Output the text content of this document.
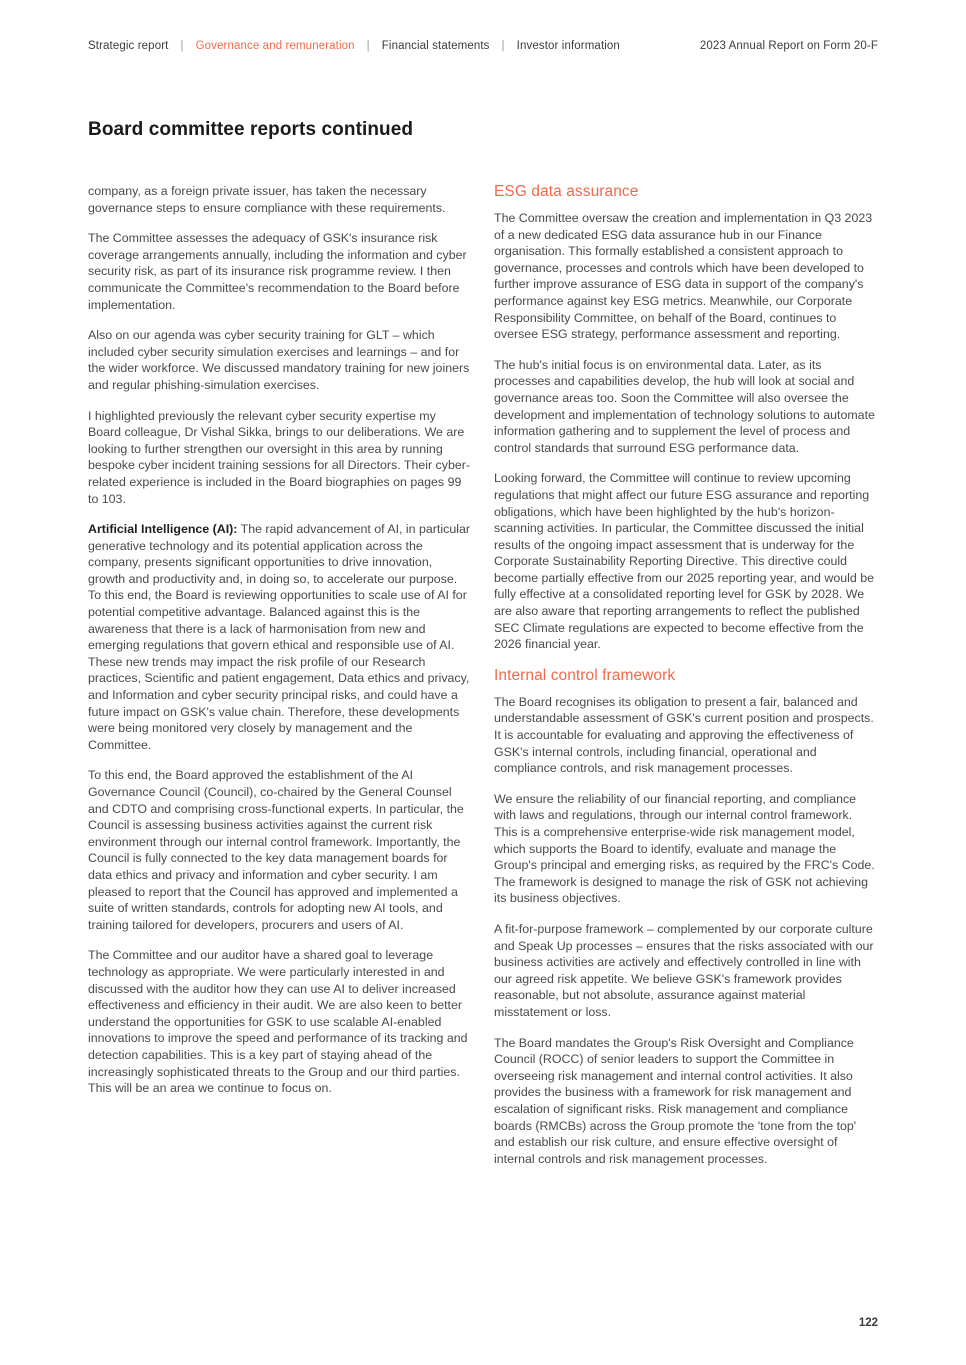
Strategic report	|	Governance and remuneration	|	Financial statements	|	Investor information	2023 Annual Report on Form 20-F
Board committee reports continued

company, as a foreign private issuer, has taken the necessary governance steps to ensure compliance with these requirements.

The Committee assesses the adequacy of GSK's insurance risk coverage arrangements annually, including the information and cyber security risk, as part of its insurance risk programme review. I then communicate the Committee's recommendation to the Board before implementation.

Also on our agenda was cyber security training for GLT – which included cyber security simulation exercises and learnings – and for the wider workforce. We discussed mandatory training for new joiners and regular phishing-simulation exercises.

I highlighted previously the relevant cyber security expertise my Board colleague, Dr Vishal Sikka, brings to our deliberations. We are looking to further strengthen our oversight in this area by running bespoke cyber incident training sessions for all Directors. Their cyber-related experience is included in the Board biographies on pages 99 to 103.

Artificial Intelligence (AI): The rapid advancement of AI, in particular generative technology and its potential application across the company, presents significant opportunities to drive innovation, growth and productivity and, in doing so, to accelerate our purpose. To this end, the Board is reviewing opportunities to scale use of AI for potential competitive advantage. Balanced against this is the awareness that there is a lack of harmonisation from new and emerging regulations that govern ethical and responsible use of AI. These new trends may impact the risk profile of our Research practices, Scientific and patient engagement, Data ethics and privacy, and Information and cyber security principal risks, and could have a future impact on GSK's value chain. Therefore, these developments were being monitored very closely by management and the Committee.

To this end, the Board approved the establishment of the AI Governance Council (Council), co-chaired by the General Counsel and CDTO and comprising cross-functional experts. In particular, the Council is assessing business activities against the current risk environment through our internal control framework. Importantly, the Council is fully connected to the key data management boards for data ethics and privacy and information and cyber security. I am pleased to report that the Council has approved and implemented a suite of written standards, controls for adopting new AI tools, and training tailored for developers, procurers and users of AI.

The Committee and our auditor have a shared goal to leverage technology as appropriate. We were particularly interested in and discussed with the auditor how they can use AI to deliver increased effectiveness and efficiency in their audit. We are also keen to better understand the opportunities for GSK to use scalable AI-enabled innovations to improve the speed and performance of its tracking and detection capabilities. This is a key part of staying ahead of the increasingly sophisticated threats to the Group and our third parties. This will be an area we continue to focus on.

ESG data assurance

The Committee oversaw the creation and implementation in Q3 2023 of a new dedicated ESG data assurance hub in our Finance organisation. This formally established a consistent approach to governance, processes and controls which have been developed to further improve assurance of ESG data in support of the company's performance against key ESG metrics. Meanwhile, our Corporate Responsibility Committee, on behalf of the Board, continues to oversee ESG strategy, performance assessment and reporting.

The hub's initial focus is on environmental data. Later, as its processes and capabilities develop, the hub will look at social and governance areas too. Soon the Committee will also oversee the development and implementation of technology solutions to automate information gathering and to supplement the level of process and control standards that surround ESG performance data.

Looking forward, the Committee will continue to review upcoming regulations that might affect our future ESG assurance and reporting obligations, which have been highlighted by the hub's horizon-scanning activities. In particular, the Committee discussed the initial results of the ongoing impact assessment that is underway for the Corporate Sustainability Reporting Directive. This directive could become partially effective from our 2025 reporting year, and would be fully effective at a consolidated reporting level for GSK by 2028. We are also aware that reporting arrangements to reflect the published SEC Climate regulations are expected to become effective from the 2026 financial year.

Internal control framework

The Board recognises its obligation to present a fair, balanced and understandable assessment of GSK's current position and prospects. It is accountable for evaluating and approving the effectiveness of GSK's internal controls, including financial, operational and compliance controls, and risk management processes.

We ensure the reliability of our financial reporting, and compliance with laws and regulations, through our internal control framework. This is a comprehensive enterprise-wide risk management model, which supports the Board to identify, evaluate and manage the Group's principal and emerging risks, as required by the FRC's Code. The framework is designed to manage the risk of GSK not achieving its business objectives.

A fit-for-purpose framework – complemented by our corporate culture and Speak Up processes – ensures that the risks associated with our business activities are actively and effectively controlled in line with our agreed risk appetite. We believe GSK's framework provides reasonable, but not absolute, assurance against material misstatement or loss.

The Board mandates the Group's Risk Oversight and Compliance Council (ROCC) of senior leaders to support the Committee in overseeing risk management and internal control activities. It also provides the business with a framework for risk management and escalation of significant risks. Risk management and compliance boards (RMCBs) across the Group promote the 'tone from the top' and establish our risk culture, and ensure effective oversight of internal controls and risk management processes.

122
